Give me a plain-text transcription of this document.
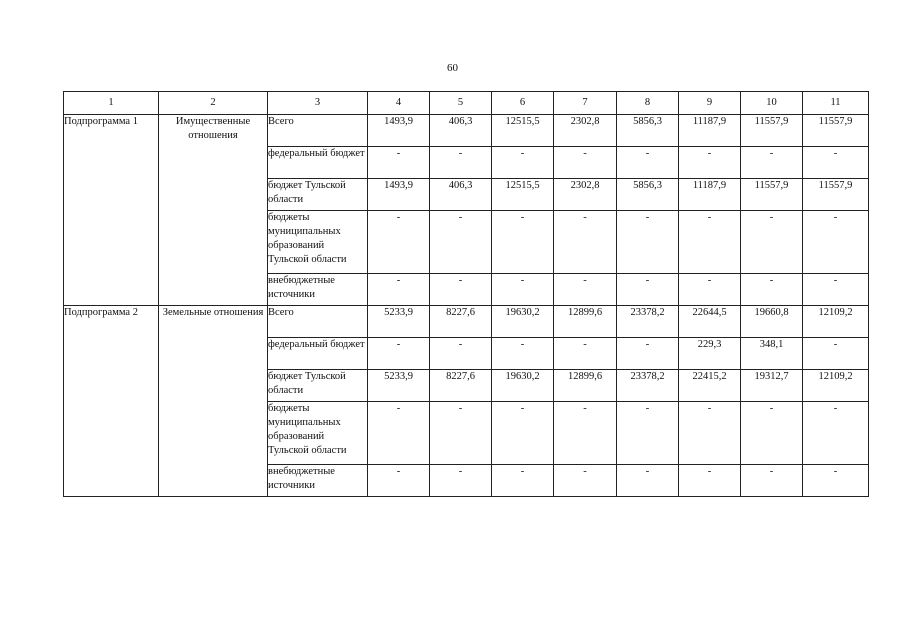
60
1	2	3	4	5	6	7	8	9	10	11
Подпрограмма 1	Имущественные отношения	Всего	1493,9	406,3	12515,5	2302,8	5856,3	11187,9	11557,9	11557,9
		федеральный бюджет	-	-	-	-	-	-	-	-
		бюджет Тульской области	1493,9	406,3	12515,5	2302,8	5856,3	11187,9	11557,9	11557,9
		бюджеты муниципальных образований Тульской области	-	-	-	-	-	-	-	-
		внебюджетные источники	-	-	-	-	-	-	-	-
Подпрограмма 2	Земельные отношения	Всего	5233,9	8227,6	19630,2	12899,6	23378,2	22644,5	19660,8	12109,2
		федеральный бюджет	-	-	-	-	-	229,3	348,1	-
		бюджет Тульской области	5233,9	8227,6	19630,2	12899,6	23378,2	22415,2	19312,7	12109,2
		бюджеты муниципальных образований Тульской области	-	-	-	-	-	-	-	-
		внебюджетные источники	-	-	-	-	-	-	-	-
